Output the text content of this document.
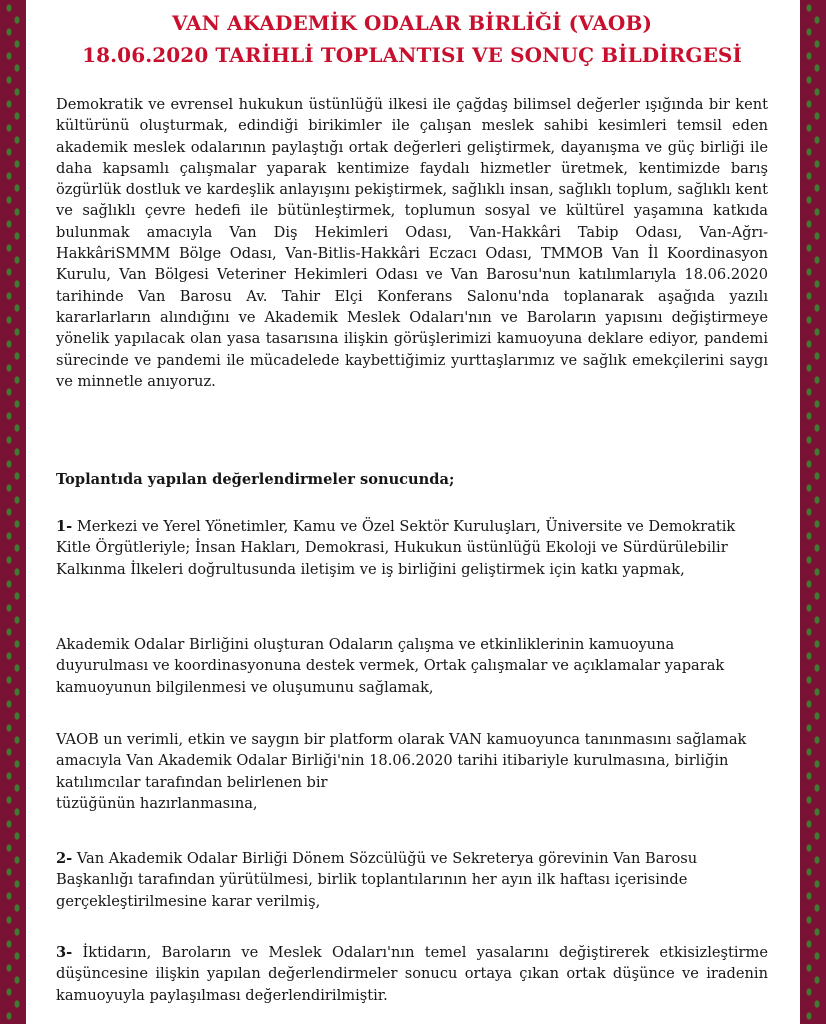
VAN AKADEMİK ODALAR BİRLİĞİ (VAOB)
18.06.2020 TARİHLİ TOPLANTISI VE SONUÇ BİLDİRGESİ
Demokratik ve evrensel hukukun üstünlüğü ilkesi ile çağdaş bilimsel değerler ışığında bir kent kültürünü oluşturmak, edindiği birikimler ile çalışan meslek sahibi kesimleri temsil eden akademik meslek odalarının paylaştığı ortak değerleri geliştirmek, dayanışma ve güç birliği ile daha kapsamlı çalışmalar yaparak kentimize faydalı hizmetler üretmek, kentimizde barış özgürlük dostluk ve kardeşlik anlayışını pekiştirmek, sağlıklı insan, sağlıklı toplum, sağlıklı kent ve sağlıklı çevre hedefi ile bütünleştirmek, toplumun sosyal ve kültürel yaşamına katkıda bulunmak amacıyla Van Diş Hekimleri Odası, Van-Hakkâri Tabip Odası, Van-Ağrı-HakkâriSMMM Bölge Odası, Van-Bitlis-Hakkâri Eczacı Odası, TMMOB Van İl Koordinasyon Kurulu, Van Bölgesi Veteriner Hekimleri Odası ve Van Barosu'nun katılımlarıyla 18.06.2020 tarihinde Van Barosu Av. Tahir Elçi Konferans Salonu'nda toplanarak aşağıda yazılı kararlarların alındığını ve Akademik Meslek Odaları'nın ve Baroların yapısını değiştirmeye yönelik yapılacak olan yasa tasarısına ilişkin görüşlerimizi kamuoyuna deklare ediyor, pandemi sürecinde ve pandemi ile mücadelede kaybettiğimiz yurttaşlarımız ve sağlık emekçilerini saygı ve minnetle anıyoruz.
Toplantıda yapılan değerlendirmeler sonucunda;
1- Merkezi ve Yerel Yönetimler, Kamu ve Özel Sektör Kuruluşları, Üniversite ve Demokratik Kitle Örgütleriyle; İnsan Hakları, Demokrasi, Hukukun üstünlüğü Ekoloji ve Sürdürülebilir Kalkınma İlkeleri doğrultusunda iletişim ve iş birliğini geliştirmek için katkı yapmak,
Akademik Odalar Birliğini oluşturan Odaların çalışma ve etkinliklerinin kamuoyuna duyurulması ve koordinasyonuna destek vermek, Ortak çalışmalar ve açıklamalar yaparak kamuoyunun bilgilenmesi ve oluşumunu sağlamak,
VAOB un verimli, etkin ve saygın bir platform olarak VAN kamuoyunca tanınmasını sağlamak amacıyla Van Akademik Odalar Birliği'nin 18.06.2020 tarihi itibariyle kurulmasına, birliğin katılımcılar tarafından belirlenen bir
tüzüğünün hazırlanmasına,
2- Van Akademik Odalar Birliği Dönem Sözcülüğü ve Sekreterya görevinin Van Barosu Başkanlığı tarafından yürütülmesi, birlik toplantılarının her ayın ilk haftası içerisinde gerçekleştirilmesine karar verilmiş,
3- İktidarın, Baroların ve Meslek Odaları'nın temel yasalarını değiştirerek etkisizleştirme düşüncesine ilişkin yapılan değerlendirmeler sonucu ortaya çıkan ortak düşünce ve iradenin kamuoyuyla paylaşılması değerlendirilmiştir.
